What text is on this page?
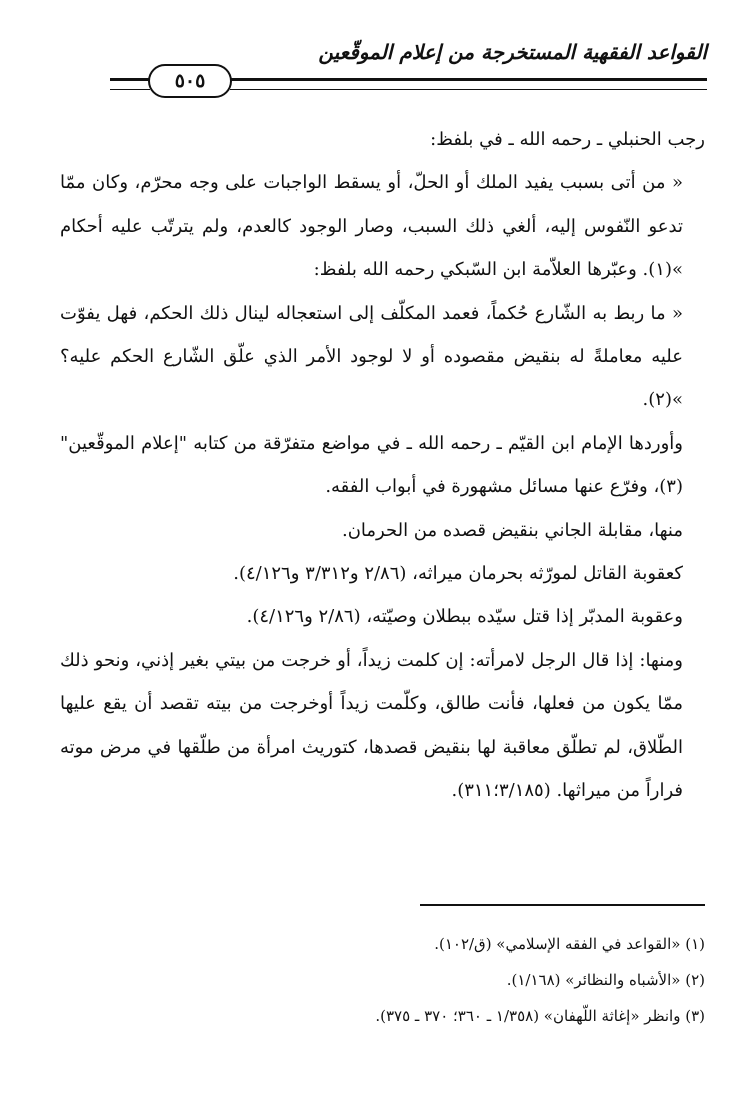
القواعد الفقهية المستخرجة من إعلام الموقّعين
٥٠٥

رجب الحنبلي ـ رحمه الله ـ في بلفظ:

« من أتى بسبب يفيد الملك أو الحلّ، أو يسقط الواجبات على وجه محرّم، وكان ممّا تدعو النّفوس إليه، ألغي ذلك السبب، وصار الوجود كالعدم، ولم يترتّب عليه أحكام »(١). وعبّرها العلاّمة ابن السّبكي رحمه الله بلفظ:

« ما ربط به الشّارع حُكماً، فعمد المكلّف إلى استعجاله لينال ذلك الحكم، فهل يفوّت عليه معاملةً له بنقيض مقصوده أو لا لوجود الأمر الذي علّق الشّارع الحكم عليه؟ »(٢).

وأوردها الإمام ابن القيّم ـ رحمه الله ـ في مواضع متفرّقة من كتابه "إعلام الموقّعين"(٣)، وفرّع عنها مسائل مشهورة في أبواب الفقه.

منها، مقابلة الجاني بنقيض قصده من الحرمان.

كعقوبة القاتل لمورّثه بحرمان ميراثه، (٢/٨٦ و٣/٣١٢ و٤/١٢٦).

وعقوبة المدبّر إذا قتل سيّده ببطلان وصيّته، (٢/٨٦ و٤/١٢٦).

ومنها: إذا قال الرجل لامرأته: إن كلمت زيداً، أو خرجت من بيتي بغير إذني، ونحو ذلك ممّا يكون من فعلها، فأنت طالق، وكلّمت زيداً أوخرجت من بيته تقصد أن يقع عليها الطّلاق، لم تطلّق معاقبة لها بنقيض قصدها، كتوريث امرأة من طلّقها في مرض موته فراراً من ميراثها. (٣/١٨٥؛٣١١).

(١) «القواعد في الفقه الإسلامي» (ق/١٠٢).

(٢) «الأشباه والنظائر» (١/١٦٨).

(٣) وانظر «إغاثة اللّهفان» (١/٣٥٨ ـ ٣٦٠؛ ٣٧٠ ـ ٣٧٥).
